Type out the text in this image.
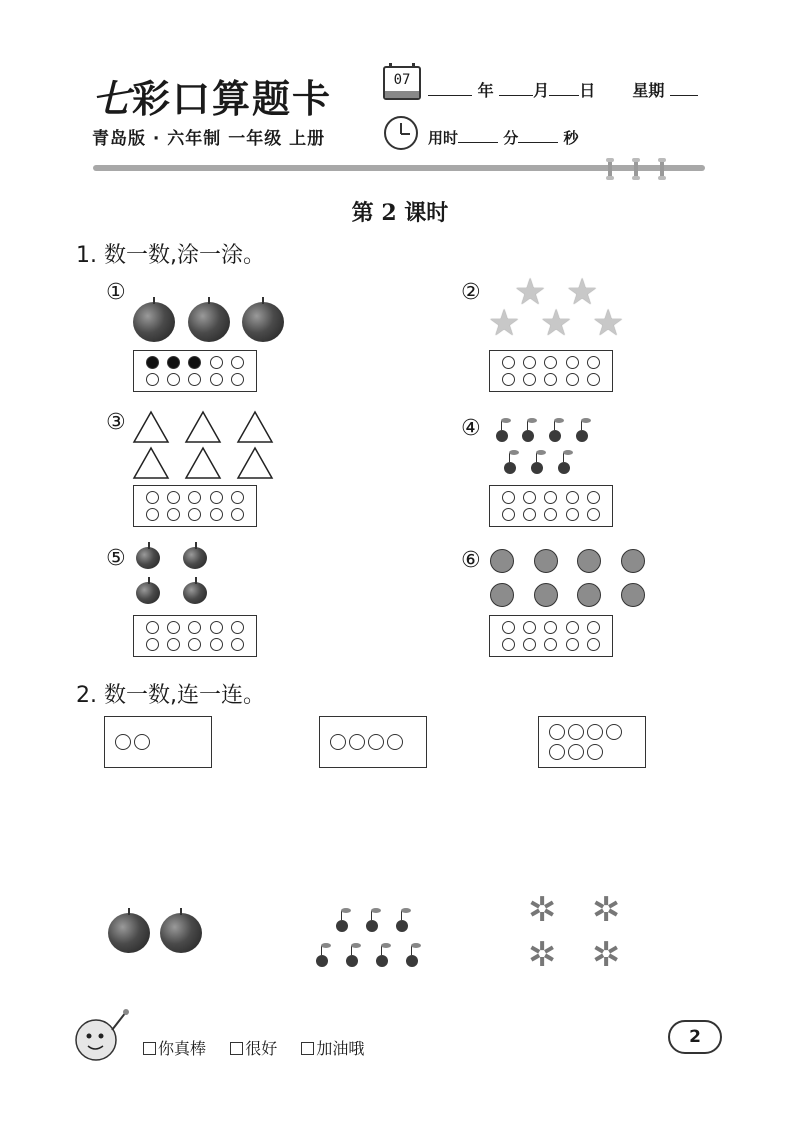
七彩口算题卡	07
年 月 日 星期
青岛版 · 六年制 一年级 上册	用时	分	秒
第 2 课时
1. 数一数,涂一涂。
①	② ★ ★
★ ★ ★
③	④
⑤	⑥
2. 数一数,连一连。
✲ ✲
✲ ✲
你真棒 很好 加油哦
2
